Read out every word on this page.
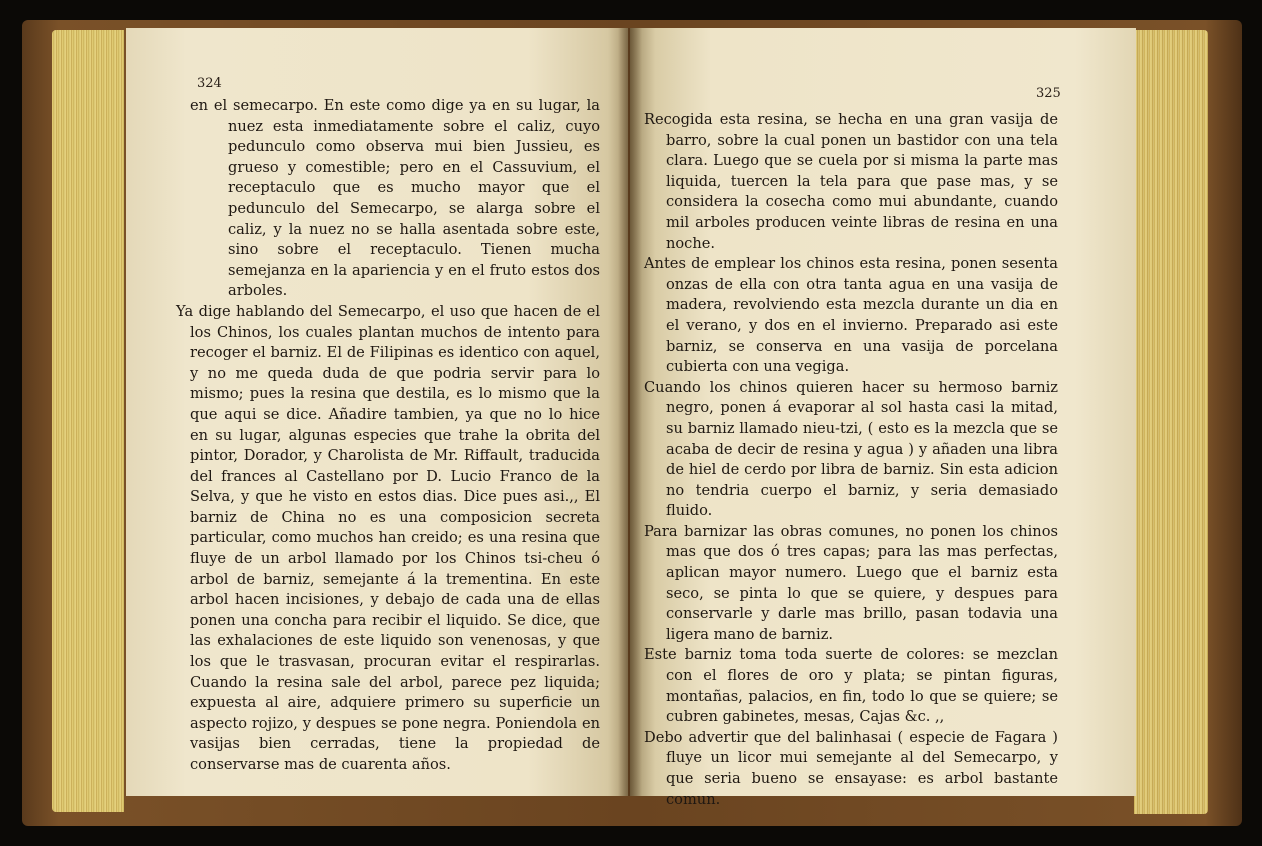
324

325

en el semecarpo. En este como dige ya en su lugar, la nuez esta inmediatamente sobre el caliz, cuyo pedunculo como observa mui bien Jussieu, es grueso y comestible; pero en el Cassuvium, el receptaculo que es mucho mayor que el pedunculo del Semecarpo, se alarga sobre el caliz, y la nuez no se halla asentada sobre este, sino sobre el receptaculo. Tienen mucha semejanza en la apariencia y en el fruto estos dos arboles.

Ya dige hablando del Semecarpo, el uso que hacen de el los Chinos, los cuales plantan muchos de intento para recoger el barniz. El de Filipinas es identico con aquel, y no me queda duda de que podria servir para lo mismo; pues la resina que destila, es lo mismo que la que aqui se dice. Añadire tambien, ya que no lo hice en su lugar, algunas especies que trahe la obrita del pintor, Dorador, y Charolista de Mr. Riffault, traducida del frances al Castellano por D. Lucio Franco de la Selva, y que he visto en estos dias. Dice pues asi.,, El barniz de China no es una composicion secreta particular, como muchos han creido; es una resina que fluye de un arbol llamado por los Chinos tsi-cheu ó arbol de barniz, semejante á la trementina. En este arbol hacen incisiones, y debajo de cada una de ellas ponen una concha para recibir el liquido. Se dice, que las exhalaciones de este liquido son venenosas, y que los que le trasvasan, procuran evitar el respirarlas. Cuando la resina sale del arbol, parece pez liquida; expuesta al aire, adquiere primero su superficie un aspecto rojizo, y despues se pone negra. Poniendola en vasijas bien cerradas, tiene la propiedad de conservarse mas de cuarenta años.

Recogida esta resina, se hecha en una gran vasija de barro, sobre la cual ponen un bastidor con una tela clara. Luego que se cuela por si misma la parte mas liquida, tuercen la tela para que pase mas, y se considera la cosecha como mui abundante, cuando mil arboles producen veinte libras de resina en una noche.

Antes de emplear los chinos esta resina, ponen sesenta onzas de ella con otra tanta agua en una vasija de madera, revolviendo esta mezcla durante un dia en el verano, y dos en el invierno. Preparado asi este barniz, se conserva en una vasija de porcelana cubierta con una vegiga.

Cuando los chinos quieren hacer su hermoso barniz negro, ponen á evaporar al sol hasta casi la mitad, su barniz llamado nieu-tzi, ( esto es la mezcla que se acaba de decir de resina y agua ) y añaden una libra de hiel de cerdo por libra de barniz. Sin esta adicion no tendria cuerpo el barniz, y seria demasiado fluido.

Para barnizar las obras comunes, no ponen los chinos mas que dos ó tres capas; para las mas perfectas, aplican mayor numero. Luego que el barniz esta seco, se pinta lo que se quiere, y despues para conservarle y darle mas brillo, pasan todavia una ligera mano de barniz.

Este barniz toma toda suerte de colores: se mezclan con el flores de oro y plata; se pintan figuras, montañas, palacios, en fin, todo lo que se quiere; se cubren gabinetes, mesas, Cajas &c. ,,

Debo advertir que del balinhasai ( especie de Fagara ) fluye un licor mui semejante al del Semecarpo, y que seria bueno se ensayase: es arbol bastante comun.
